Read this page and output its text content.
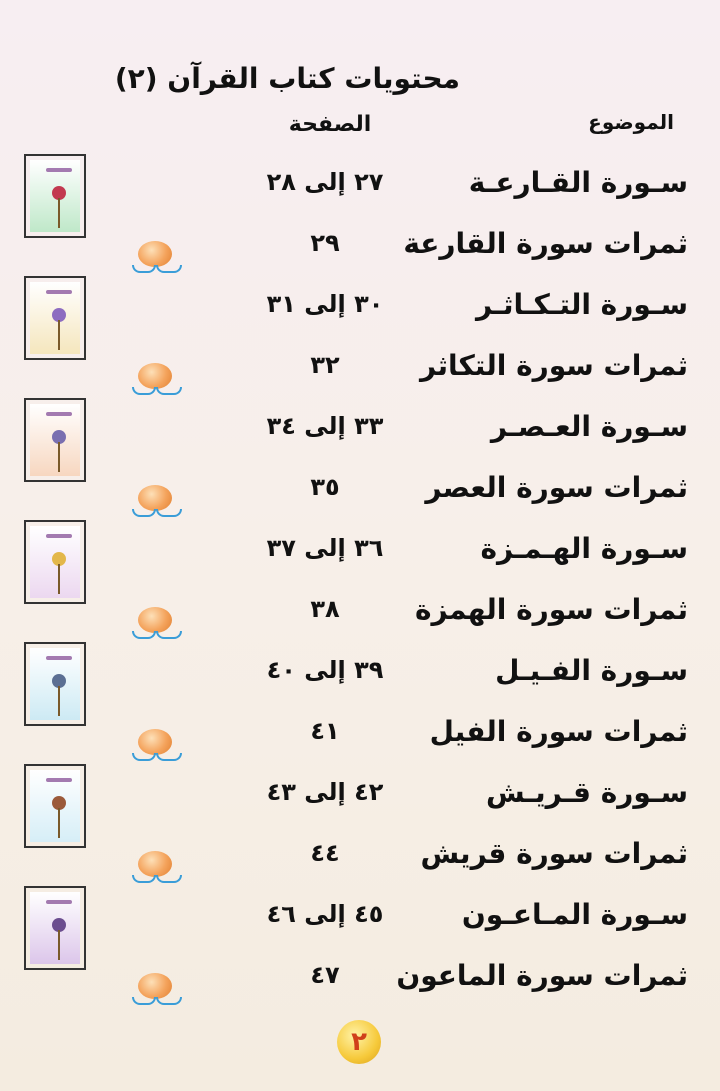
محتويات كتاب القرآن (٢)
الموضوع
الصفحة
سـورة القـارعـة
٢٧ إلى ٢٨
ثمرات سورة القارعة
٢٩
سـورة التـكـاثـر
٣٠ إلى ٣١
ثمرات سورة التكاثر
٣٢
سـورة العـصـر
٣٣ إلى ٣٤
ثمرات سورة العصر
٣٥
سـورة الهـمـزة
٣٦ إلى ٣٧
ثمرات سورة الهمزة
٣٨
سـورة الفـيـل
٣٩ إلى ٤٠
ثمرات سورة الفيل
٤١
سـورة قـريـش
٤٢ إلى ٤٣
ثمرات سورة قريش
٤٤
سـورة المـاعـون
٤٥ إلى ٤٦
ثمرات سورة الماعون
٤٧
٢
